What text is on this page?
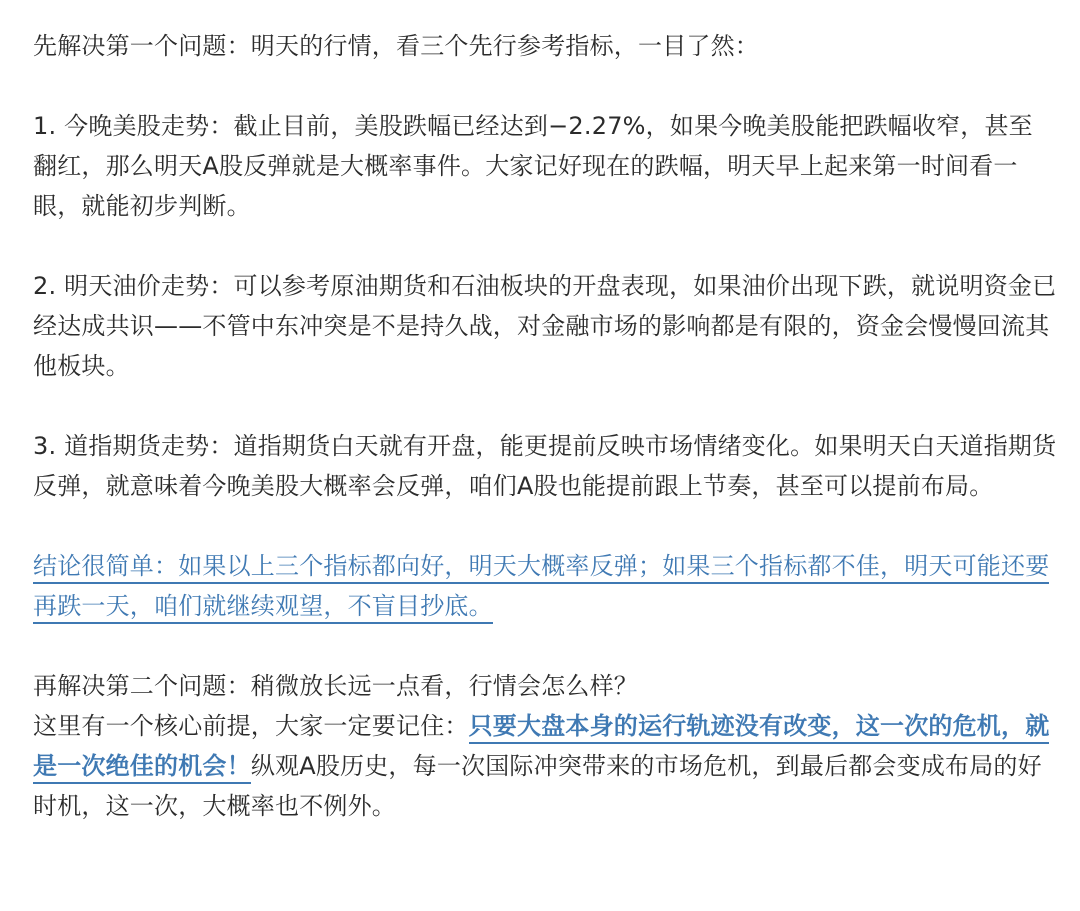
先解决第一个问题：明天的行情，看三个先行参考指标，一目了然：

1. 今晚美股走势：截止目前，美股跌幅已经达到−2.27%，如果今晚美股能把跌幅收窄，甚至翻红，那么明天A股反弹就是大概率事件。大家记好现在的跌幅，明天早上起来第一时间看一眼，就能初步判断。

2. 明天油价走势：可以参考原油期货和石油板块的开盘表现，如果油价出现下跌，就说明资金已经达成共识——不管中东冲突是不是持久战，对金融市场的影响都是有限的，资金会慢慢回流其他板块。

3. 道指期货走势：道指期货白天就有开盘，能更提前反映市场情绪变化。如果明天白天道指期货反弹，就意味着今晚美股大概率会反弹，咱们A股也能提前跟上节奏，甚至可以提前布局。

结论很简单：如果以上三个指标都向好，明天大概率反弹；如果三个指标都不佳，明天可能还要再跌一天，咱们就继续观望，不盲目抄底。

再解决第二个问题：稍微放长远一点看，行情会怎么样？

这里有一个核心前提，大家一定要记住：只要大盘本身的运行轨迹没有改变，这一次的危机，就是一次绝佳的机会！纵观A股历史，每一次国际冲突带来的市场危机，到最后都会变成布局的好时机，这一次，大概率也不例外。
